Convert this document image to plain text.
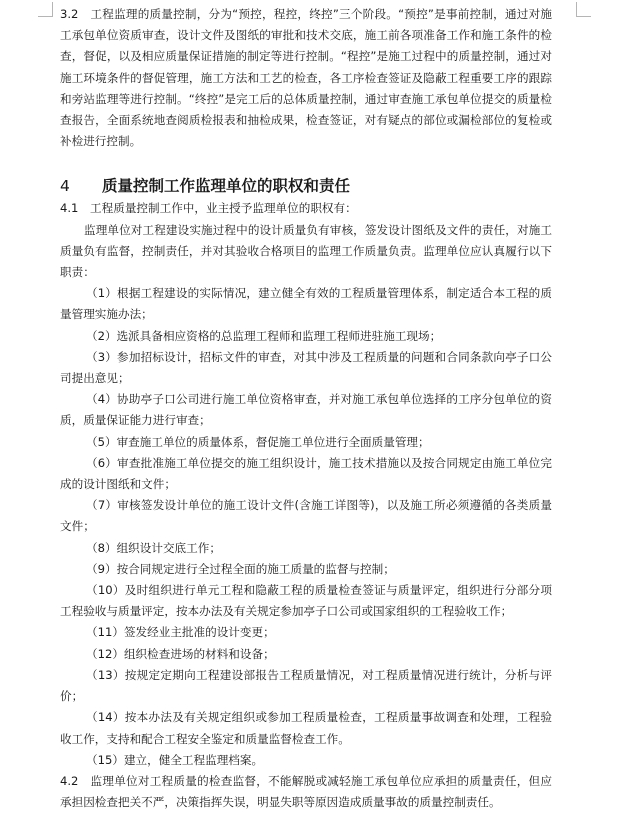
3.2　工程监理的质量控制，分为“预控，程控，终控”三个阶段。“预控”是事前控制，通过对施工承包单位资质审查，设计文件及图纸的审批和技术交底，施工前各项准备工作和施工条件的检查，督促，以及相应质量保证措施的制定等进行控制。“程控”是施工过程中的质量控制，通过对施工环境条件的督促管理，施工方法和工艺的检查，各工序检查签证及隐蔽工程重要工序的跟踪和旁站监理等进行控制。“终控”是完工后的总体质量控制，通过审查施工承包单位提交的质量检查报告，全面系统地查阅质检报表和抽检成果，检查签证，对有疑点的部位或漏检部位的复检或补检进行控制。

4 质量控制工作监理单位的职权和责任

4.1　工程质量控制工作中，业主授予监理单位的职权有：

监理单位对工程建设实施过程中的设计质量负有审核，签发设计图纸及文件的责任，对施工质量负有监督，控制责任，并对其验收合格项目的监理工作质量负责。监理单位应认真履行以下职责：

（1）根据工程建设的实际情况，建立健全有效的工程质量管理体系，制定适合本工程的质量管理实施办法；

（2）选派具备相应资格的总监理工程师和监理工程师进驻施工现场；

（3）参加招标设计，招标文件的审查，对其中涉及工程质量的问题和合同条款向亭子口公司提出意见；

（4）协助亭子口公司进行施工单位资格审查，并对施工承包单位选择的工序分包单位的资质，质量保证能力进行审查；

（5）审查施工单位的质量体系，督促施工单位进行全面质量管理；

（6）审查批准施工单位提交的施工组织设计，施工技术措施以及按合同规定由施工单位完成的设计图纸和文件；

（7）审核签发设计单位的施工设计文件(含施工详图等)，以及施工所必须遵循的各类质量文件；

（8）组织设计交底工作；

（9）按合同规定进行全过程全面的施工质量的监督与控制；

（10）及时组织进行单元工程和隐蔽工程的质量检查签证与质量评定，组织进行分部分项工程验收与质量评定，按本办法及有关规定参加亭子口公司或国家组织的工程验收工作；

（11）签发经业主批准的设计变更；

（12）组织检查进场的材料和设备；

（13）按规定定期向工程建设部报告工程质量情况，对工程质量情况进行统计，分析与评价；

（14）按本办法及有关规定组织或参加工程质量检查，工程质量事故调查和处理，工程验收工作，支持和配合工程安全鉴定和质量监督检查工作。

（15）建立，健全工程监理档案。

4.2　监理单位对工程质量的检查监督，不能解脱或减轻施工承包单位应承担的质量责任，但应承担因检查把关不严，决策指挥失误，明显失职等原因造成质量事故的质量控制责任。
